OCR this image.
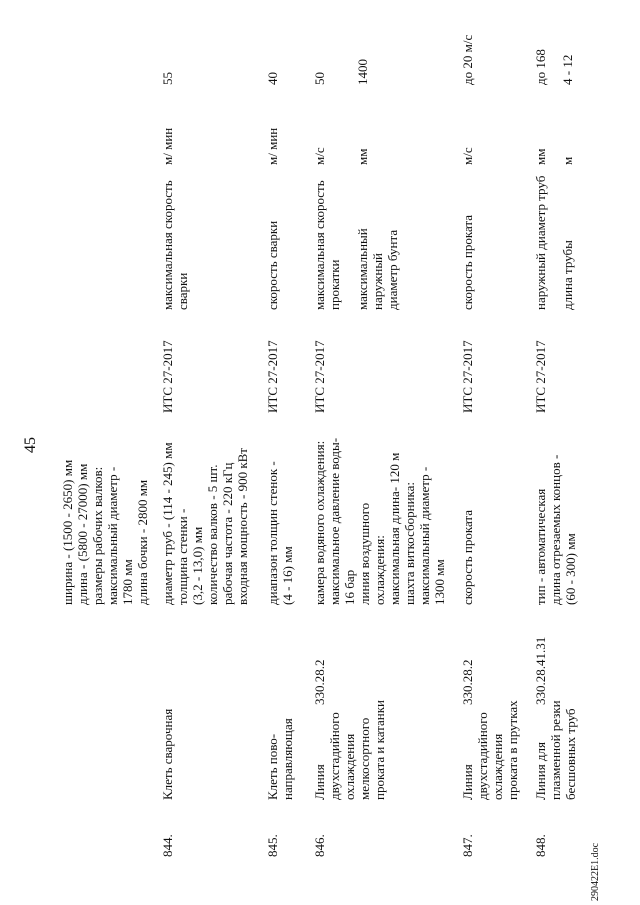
45
290422E1.doc
ширина - (1500 - 2650) мм длина - (5800 - 27000) мм размеры рабочих валков: максимальный диаметр - 1780 мм длина бочки - 2800 мм
844.
Клеть сварочная
диаметр труб - (114 - 245) мм толщина стенки - (3,2 - 13,0) мм количество валков - 5 шт. рабочая частота - 220 кГц входная мощность - 900 кВт
ИТС 27-2017
максимальная скорость сварки
м/ мин
55
845.
Клеть пово- направляющая
диапазон толщин стенок - (4 - 16) мм
ИТС 27-2017
скорость сварки
м/ мин
40
846.
Линия двухстадийного охлаждения мелкосортного проката и катанки
330.28.2
камера водяного охлаждения: максимальное давление воды- 16 бар линия воздушного охлаждения: максимальная длина- 120 м шахта виткосборника: максимальный диаметр - 1300 мм
ИТС 27-2017
максимальная скорость прокатки
м/с
50
максимальный наружный диаметр бунта
мм
1400
847.
Линия двухстадийного охлаждения проката в прутках
330.28.2
скорость проката
ИТС 27-2017
скорость проката
м/с
до 20 м/с
848.
Линия для плазменной резки бесшовных труб
330.28.41.31
тип - автоматическая длина отрезаемых концов - (60 - 300) мм
ИТС 27-2017
наружный диаметр труб
мм
до 168
длина трубы
м
4 - 12
